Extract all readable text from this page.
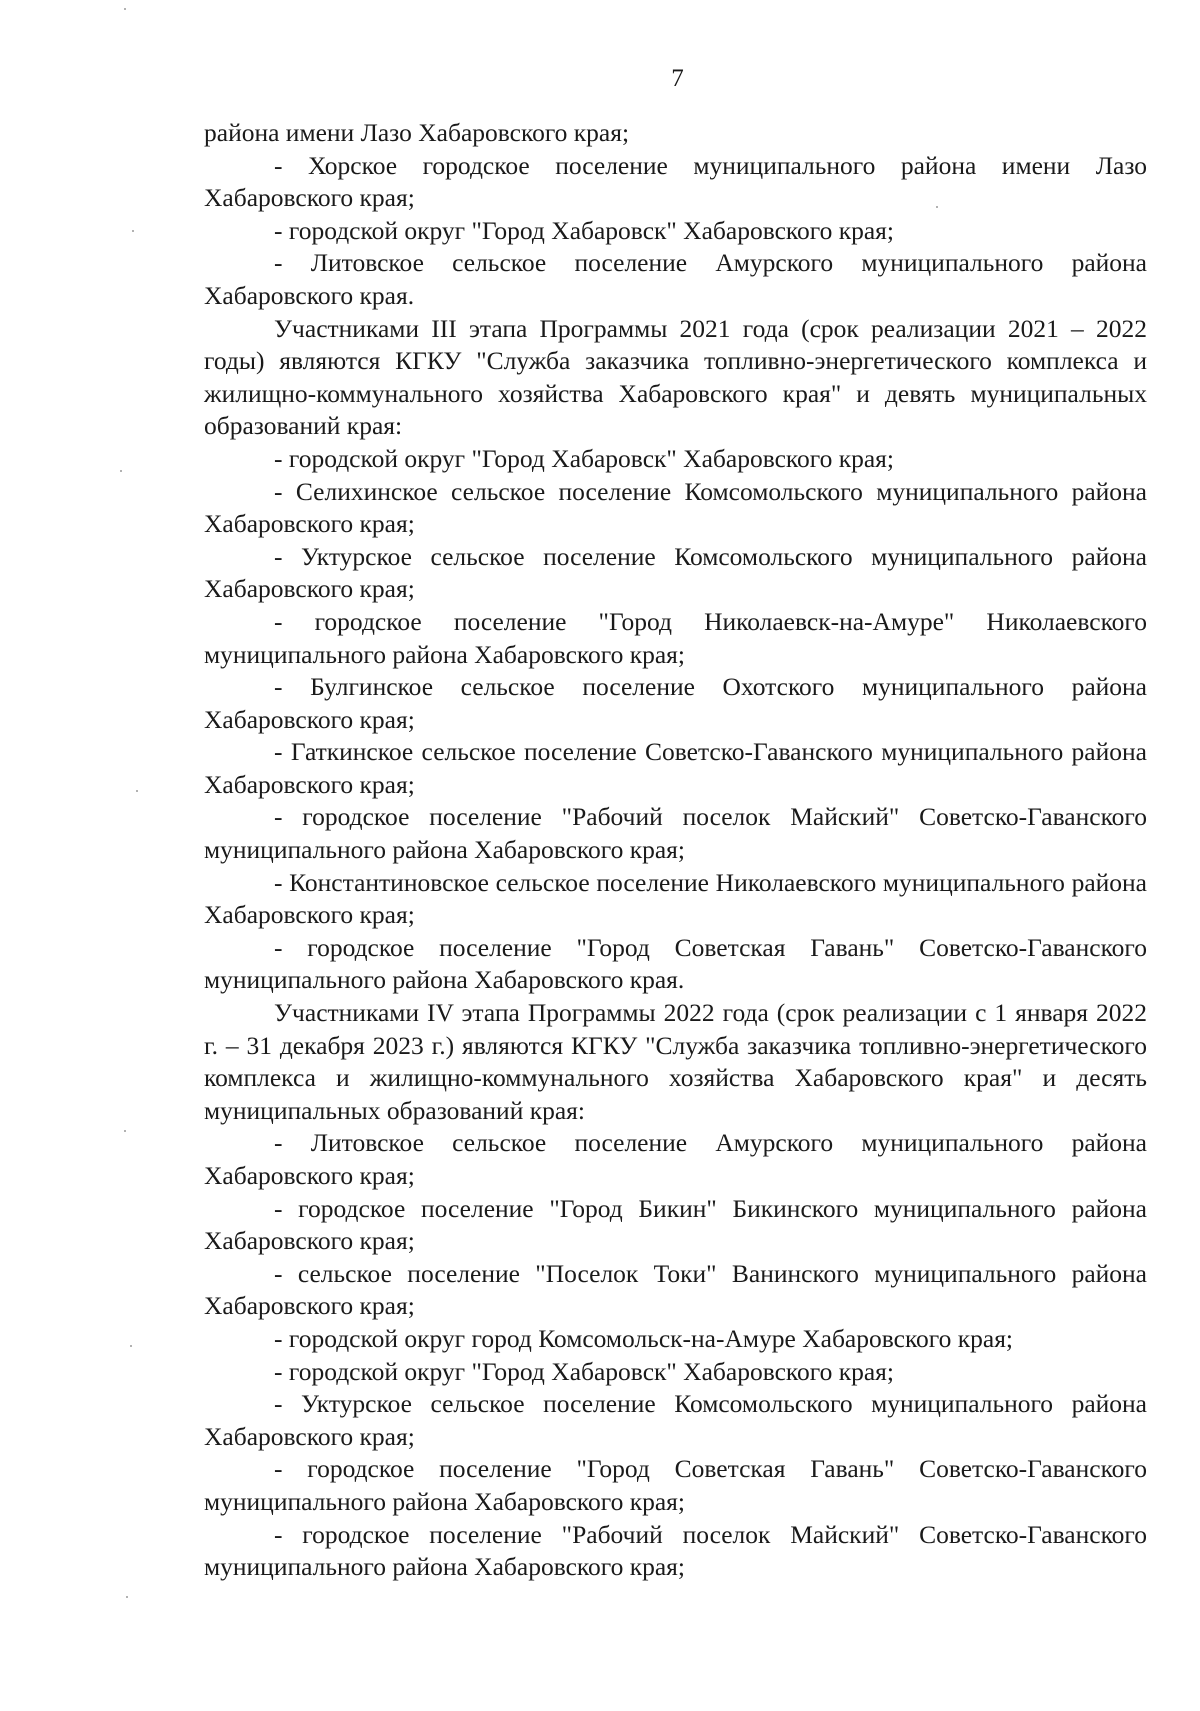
7

района имени Лазо Хабаровского края;

- Хорское городское поселение муниципального района имени Лазо Хабаровского края;

- городской округ "Город Хабаровск" Хабаровского края;

- Литовское сельское поселение Амурского муниципального района Хабаровского края.

Участниками III этапа Программы 2021 года (срок реализации 2021 – 2022 годы) являются КГКУ "Служба заказчика топливно-энергетического комплекса и жилищно-коммунального хозяйства Хабаровского края" и девять муниципальных образований края:

- городской округ "Город Хабаровск" Хабаровского края;

- Селихинское сельское поселение Комсомольского муниципального района Хабаровского края;

- Уктурское сельское поселение Комсомольского муниципального района Хабаровского края;

- городское поселение "Город Николаевск-на-Амуре" Николаевского муниципального района Хабаровского края;

- Булгинское сельское поселение Охотского муниципального района Хабаровского края;

- Гаткинское сельское поселение Советско-Гаванского муниципального района Хабаровского края;

- городское поселение "Рабочий поселок Майский" Советско-Гаванского муниципального района Хабаровского края;

- Константиновское сельское поселение Николаевского муниципального района Хабаровского края;

- городское поселение "Город Советская Гавань" Советско-Гаванского муниципального района Хабаровского края.

Участниками IV этапа Программы 2022 года (срок реализации с 1 января 2022 г. – 31 декабря 2023 г.) являются КГКУ "Служба заказчика топливно-энергетического комплекса и жилищно-коммунального хозяйства Хабаровского края" и десять муниципальных образований края:

- Литовское сельское поселение Амурского муниципального района Хабаровского края;

- городское поселение "Город Бикин" Бикинского муниципального района Хабаровского края;

- сельское поселение "Поселок Токи" Ванинского муниципального района Хабаровского края;

- городской округ город Комсомольск-на-Амуре Хабаровского края;

- городской округ "Город Хабаровск" Хабаровского края;

- Уктурское сельское поселение Комсомольского муниципального района Хабаровского края;

- городское поселение "Город Советская Гавань" Советско-Гаванского муниципального района Хабаровского края;

- городское поселение "Рабочий поселок Майский" Советско-Гаванского муниципального района Хабаровского края;
